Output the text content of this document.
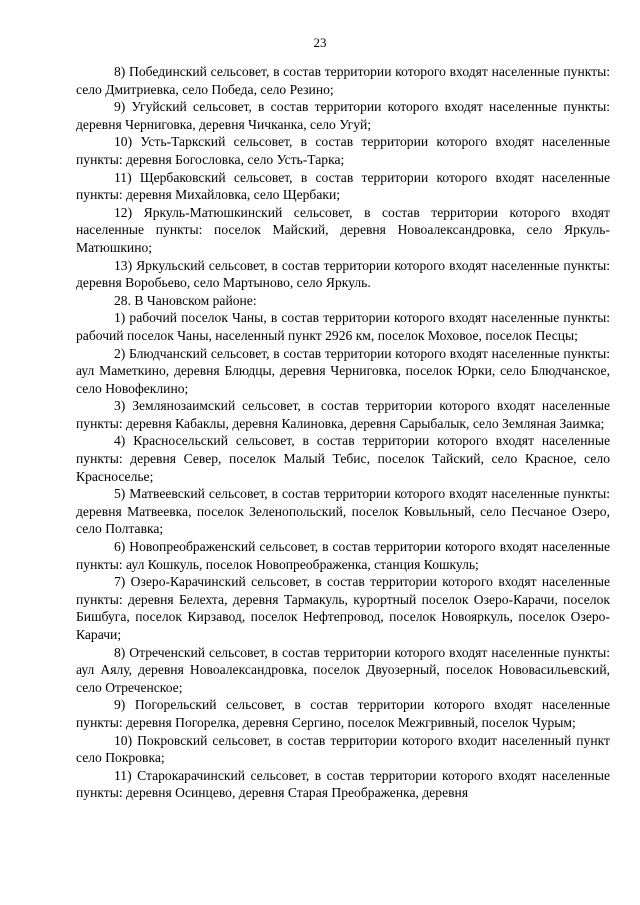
23

8) Побединский сельсовет, в состав территории которого входят населенные пункты: село Дмитриевка, село Победа, село Резино;

9) Угуйский сельсовет, в состав территории которого входят населенные пункты: деревня Черниговка, деревня Чичканка, село Угуй;

10) Усть-Таркский сельсовет, в состав территории которого входят населенные пункты: деревня Богословка, село Усть-Тарка;

11) Щербаковский сельсовет, в состав территории которого входят населенные пункты: деревня Михайловка, село Щербаки;

12) Яркуль-Матюшкинский сельсовет, в состав территории которого входят населенные пункты: поселок Майский, деревня Новоалександровка, село Яркуль-Матюшкино;

13) Яркульский сельсовет, в состав территории которого входят населенные пункты: деревня Воробьево, село Мартыново, село Яркуль.

28. В Чановском районе:

1) рабочий поселок Чаны, в состав территории которого входят населенные пункты: рабочий поселок Чаны, населенный пункт 2926 км, поселок Моховое, поселок Песцы;

2) Блюдчанский сельсовет, в состав территории которого входят населенные пункты: аул Маметкино, деревня Блюдцы, деревня Черниговка, поселок Юрки, село Блюдчанское, село Новофеклино;

3) Землянозаимский сельсовет, в состав территории которого входят населенные пункты: деревня Кабаклы, деревня Калиновка, деревня Сарыбалык, село Земляная Заимка;

4) Красносельский сельсовет, в состав территории которого входят населенные пункты: деревня Север, поселок Малый Тебис, поселок Тайский, село Красное, село Красноселье;

5) Матвеевский сельсовет, в состав территории которого входят населенные пункты: деревня Матвеевка, поселок Зеленопольский, поселок Ковыльный, село Песчаное Озеро, село Полтавка;

6) Новопреображенский сельсовет, в состав территории которого входят населенные пункты: аул Кошкуль, поселок Новопреображенка, станция Кошкуль;

7) Озеро-Карачинский сельсовет, в состав территории которого входят населенные пункты: деревня Белехта, деревня Тармакуль, курортный поселок Озеро-Карачи, поселок Бишбуга, поселок Кирзавод, поселок Нефтепровод, поселок Новояркуль, поселок Озеро-Карачи;

8) Отреченский сельсовет, в состав территории которого входят населенные пункты: аул Аялу, деревня Новоалександровка, поселок Двуозерный, поселок Нововасильевский, село Отреченское;

9) Погорельский сельсовет, в состав территории которого входят населенные пункты: деревня Погорелка, деревня Сергино, поселок Межгривный, поселок Чурым;

10) Покровский сельсовет, в состав территории которого входит населенный пункт село Покровка;

11) Старокарачинский сельсовет, в состав территории которого входят населенные пункты: деревня Осинцево, деревня Старая Преображенка, деревня
